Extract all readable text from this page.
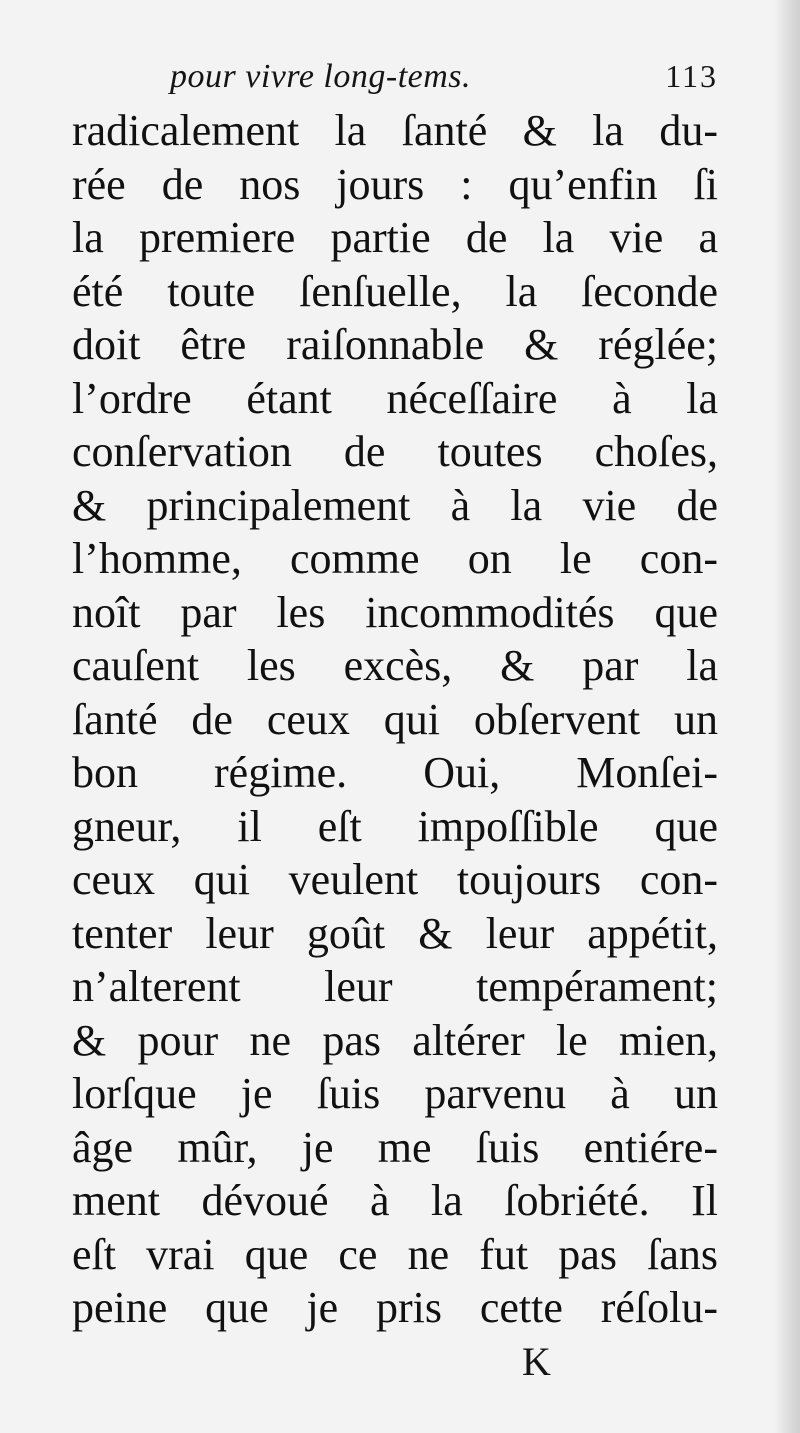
pour vivre long-tems.	113
radicalement la ſanté & la du-
rée de nos jours : qu’enfin ſi
la premiere partie de la vie a
été toute ſenſuelle, la ſeconde
doit être raiſonnable & réglée;
l’ordre étant néceſſaire à la
conſervation de toutes choſes,
& principalement à la vie de
l’homme, comme on le con-
noît par les incommodités que
cauſent les excès, & par la
ſanté de ceux qui obſervent un
bon régime. Oui, Monſei-
gneur, il eſt impoſſible que
ceux qui veulent toujours con-
tenter leur goût & leur appétit,
n’alterent leur tempérament;
& pour ne pas altérer le mien,
lorſque je ſuis parvenu à un
âge mûr, je me ſuis entiére-
ment dévoué à la ſobriété. Il
eſt vrai que ce ne fut pas ſans
peine que je pris cette réſolu-
K
